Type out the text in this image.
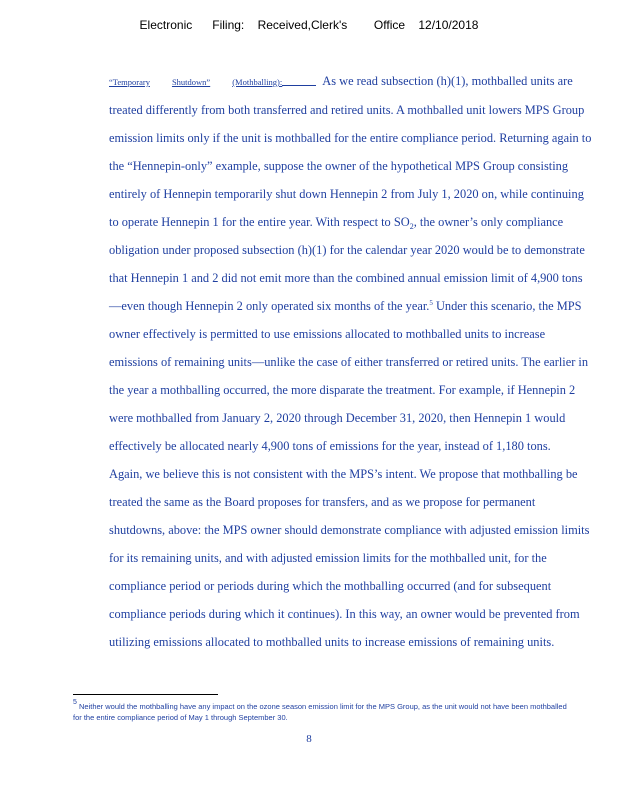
Electronic      Filing:    Received,Clerk's        Office    12/10/2018

“Temporary	Shutdown”	(Mothballing):	As we read subsection (h)(1), mothballed units are treated differently from both transferred and retired units. A mothballed unit lowers MPS Group emission limits only if the unit is mothballed for the entire compliance period. Returning again to the “Hennepin-only” example, suppose the owner of the hypothetical MPS Group consisting entirely of Hennepin temporarily shut down Hennepin 2 from July 1, 2020 on, while continuing to operate Hennepin 1 for the entire year. With respect to $SO_2$, the owner’s only compliance obligation under proposed subsection (h)(1) for the calendar year 2020 would be to demonstrate that Hennepin 1 and 2 did not emit more than the combined annual emission limit of 4,900 tons—even though Hennepin 2 only operated six months of the year.$^5$ Under this scenario, the MPS owner effectively is permitted to use emissions allocated to mothballed units to increase emissions of remaining units—unlike the case of either transferred or retired units. The earlier in the year a mothballing occurred, the more disparate the treatment. For example, if Hennepin 2 were mothballed from January 2, 2020 through December 31, 2020, then Hennepin 1 would effectively be allocated nearly 4,900 tons of emissions for the year, instead of 1,180 tons.

Again, we believe this is not consistent with the MPS’s intent. We propose that mothballing be treated the same as the Board proposes for transfers, and as we propose for permanent shutdowns, above: the MPS owner should demonstrate compliance with adjusted emission limits for its remaining units, and with adjusted emission limits for the mothballed unit, for the compliance period or periods during which the mothballing occurred (and for subsequent compliance periods during which it continues). In this way, an owner would be prevented from utilizing emissions allocated to mothballed units to increase emissions of remaining units.

$^5$ Neither would the mothballing have any impact on the ozone season emission limit for the MPS Group, as the unit would not have been mothballed for the entire compliance period of May 1 through September 30.
8
